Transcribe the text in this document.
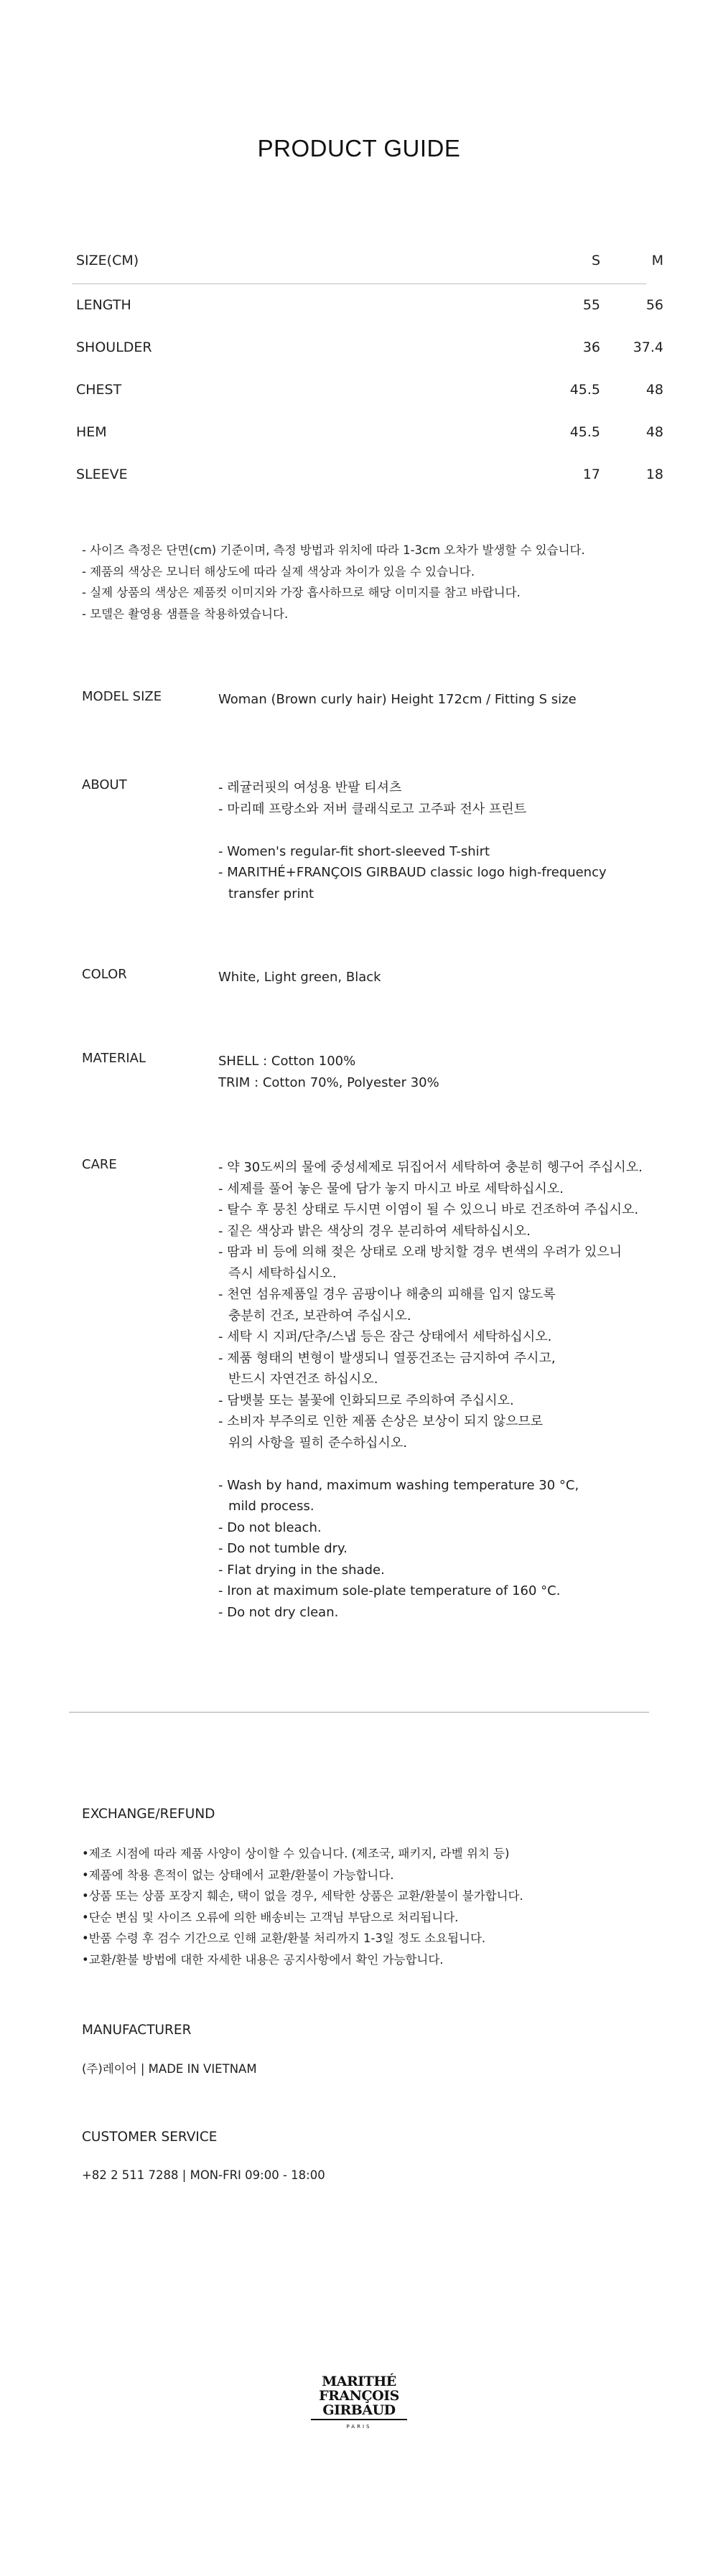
PRODUCT GUIDE
SIZE(CM)	S	M
LENGTH	55	56
SHOULDER	36	37.4
CHEST	45.5	48
HEM	45.5	48
SLEEVE	17	18
- 사이즈 측정은 단면(cm) 기준이며, 측정 방법과 위치에 따라 1-3cm 오차가 발생할 수 있습니다.
- 제품의 색상은 모니터 해상도에 따라 실제 색상과 차이가 있을 수 있습니다.
- 실제 상품의 색상은 제품컷 이미지와 가장 흡사하므로 해당 이미지를 참고 바랍니다.
- 모델은 촬영용 샘플을 착용하였습니다.
MODEL SIZE	Woman (Brown curly hair) Height 172cm / Fitting S size
ABOUT	- 레귤러핏의 여성용 반팔 티셔츠
- 마리떼 프랑소와 저버 클래식로고 고주파 전사 프린트
- Women's regular-fit short-sleeved T-shirt
- MARITHÉ+FRANÇOIS GIRBAUD classic logo high-frequency
transfer print
COLOR	White, Light green, Black
MATERIAL	SHELL : Cotton 100%
TRIM : Cotton 70%, Polyester 30%
CARE	- 약 30도씨의 물에 중성세제로 뒤집어서 세탁하여 충분히 헹구어 주십시오.
- 세제를 풀어 놓은 물에 담가 놓지 마시고 바로 세탁하십시오.
- 탈수 후 뭉친 상태로 두시면 이염이 될 수 있으니 바로 건조하여 주십시오.
- 짙은 색상과 밝은 색상의 경우 분리하여 세탁하십시오.
- 땀과 비 등에 의해 젖은 상태로 오래 방치할 경우 변색의 우려가 있으니
즉시 세탁하십시오.
- 천연 섬유제품일 경우 곰팡이나 해충의 피해를 입지 않도록
충분히 건조, 보관하여 주십시오.
- 세탁 시 지퍼/단추/스냅 등은 잠근 상태에서 세탁하십시오.
- 제품 형태의 변형이 발생되니 열풍건조는 금지하여 주시고,
반드시 자연건조 하십시오.
- 담뱃불 또는 불꽃에 인화되므로 주의하여 주십시오.
- 소비자 부주의로 인한 제품 손상은 보상이 되지 않으므로
위의 사항을 필히 준수하십시오.
- Wash by hand, maximum washing temperature 30 °C,
mild process.
- Do not bleach.
- Do not tumble dry.
- Flat drying in the shade.
- Iron at maximum sole-plate temperature of 160 °C.
- Do not dry clean.
EXCHANGE/REFUND
•제조 시점에 따라 제품 사양이 상이할 수 있습니다. (제조국, 패키지, 라벨 위치 등)
•제품에 착용 흔적이 없는 상태에서 교환/환불이 가능합니다.
•상품 또는 상품 포장지 훼손, 택이 없을 경우, 세탁한 상품은 교환/환불이 불가합니다.
•단순 변심 및 사이즈 오류에 의한 배송비는 고객님 부담으로 처리됩니다.
•반품 수령 후 검수 기간으로 인해 교환/환불 처리까지 1-3일 정도 소요됩니다.
•교환/환불 방법에 대한 자세한 내용은 공지사항에서 확인 가능합니다.
MANUFACTURER
(주)레이어 | MADE IN VIETNAM
CUSTOMER SERVICE
+82 2 511 7288 | MON-FRI 09:00 - 18:00
MARITHÉ
FRANÇOIS
GIRBAUD
PARIS
